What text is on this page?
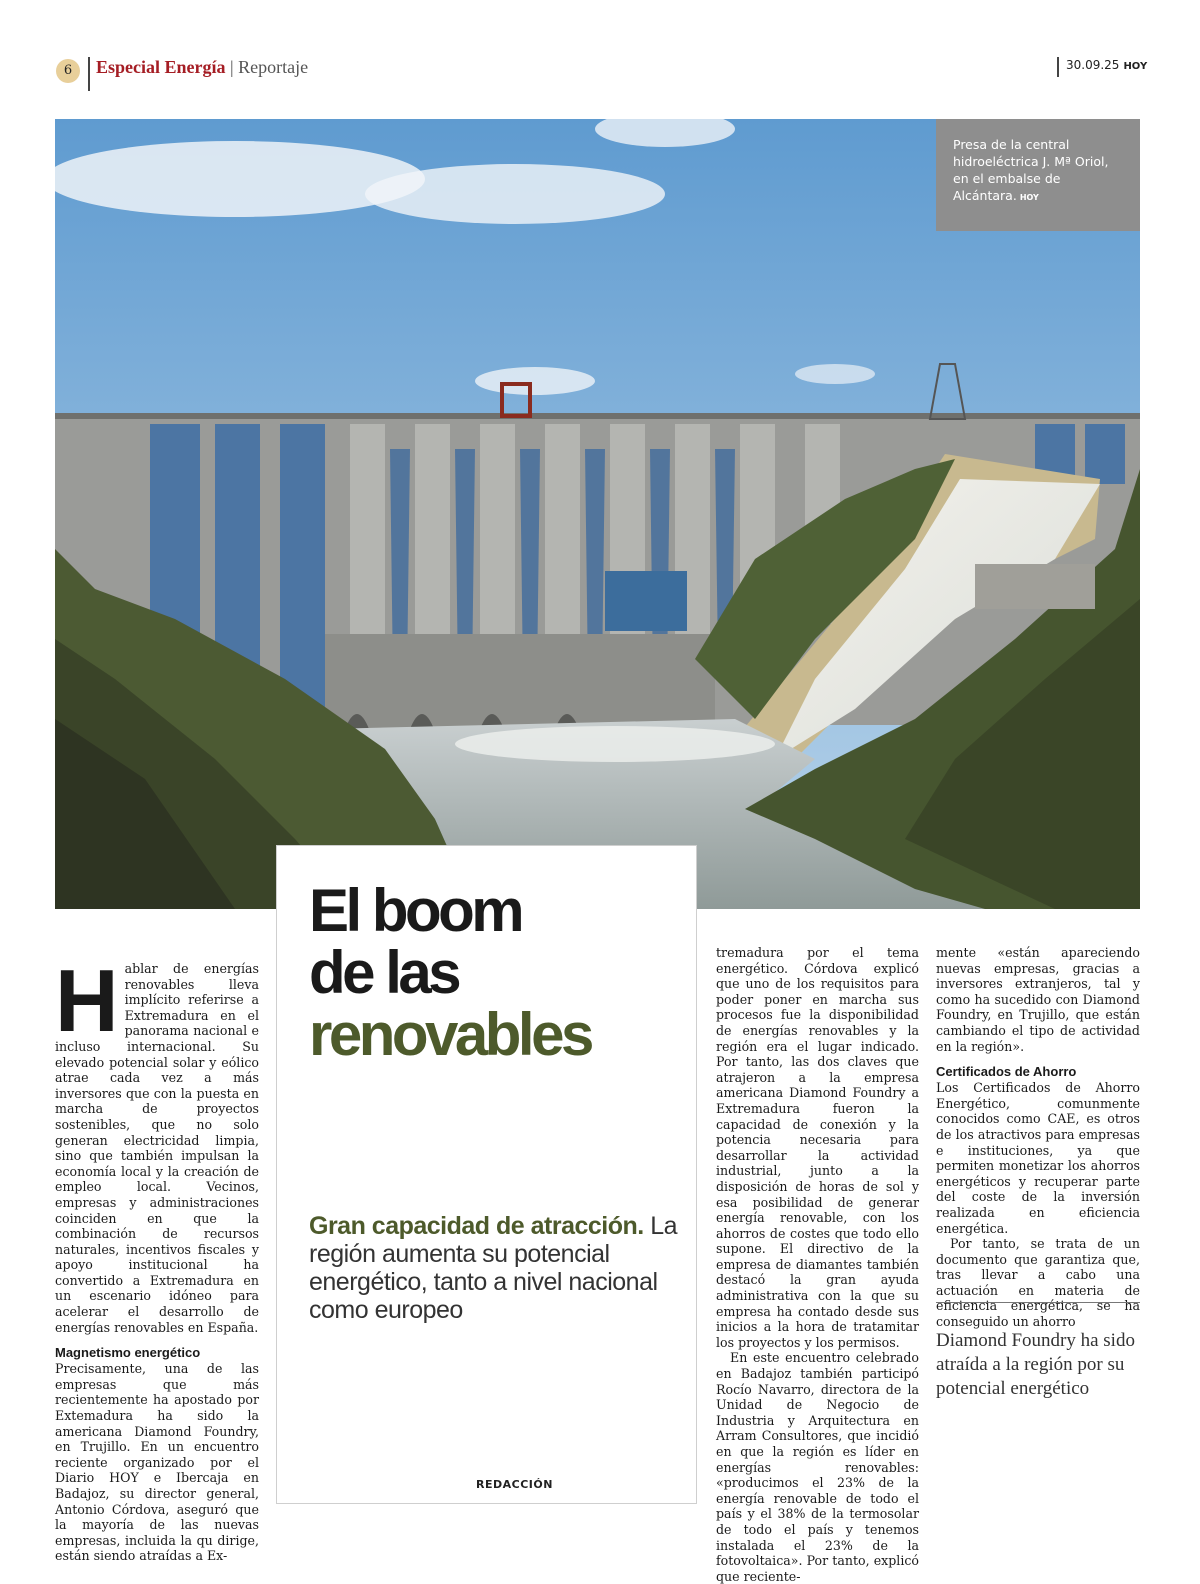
6	Especial Energía | Reportaje	30.09.25 HOY
Presa de la central hidroeléctrica J. Mª Oriol, en el embalse de Alcántara. HOY
El boom
de las
renovables
Gran capacidad de atracción. La región aumenta su potencial energético, tanto a nivel nacional como europeo
REDACCIÓN

Hablar de energías renovables lleva implícito referirse a Extremadura en el panorama nacional e incluso internacional. Su elevado potencial solar y eólico atrae cada vez a más inversores que con la puesta en marcha de proyectos sostenibles, que no solo generan electricidad limpia, sino que también impulsan la economía local y la creación de empleo local. Vecinos, empresas y administraciones coinciden en que la combinación de recursos naturales, incentivos fiscales y apoyo institucional ha convertido a Extremadura en un escenario idóneo para acelerar el desarrollo de energías renovables en España.

Magnetismo energético

Precisamente, una de las empresas que más recientemente ha apostado por Extemadura ha sido la americana Diamond Foundry, en Trujillo. En un encuentro reciente organizado por el Diario HOY e Ibercaja en Badajoz, su director general, Antonio Córdova, aseguró que la mayoría de las nuevas empresas, incluida la qu dirige, están siendo atraídas a Ex-

tremadura por el tema energético. Córdova explicó que uno de los requisitos para poder poner en marcha sus procesos fue la disponibilidad de energías renovables y la región era el lugar indicado. Por tanto, las dos claves que atrajeron a la empresa americana Diamond Foundry a Extremadura fueron la capacidad de conexión y la potencia necesaria para desarrollar la actividad industrial, junto a la disposición de horas de sol y esa posibilidad de generar energía renovable, con los ahorros de costes que todo ello supone. El directivo de la empresa de diamantes también destacó la gran ayuda administrativa con la que su empresa ha contado desde sus inicios a la hora de tratamitar los proyectos y los permisos.

En este encuentro celebrado en Badajoz también participó Rocío Navarro, directora de la Unidad de Negocio de Industria y Arquitectura en Arram Consultores, que incidió en que la región es líder en energías renovables: «producimos el 23% de la energía renovable de todo el país y el 38% de la termosolar de todo el país y tenemos instalada el 23% de la fotovoltaica». Por tanto, explicó que reciente-

mente «están apareciendo nuevas empresas, gracias a inversores extranjeros, tal y como ha sucedido con Diamond Foundry, en Trujillo, que están cambiando el tipo de actividad en la región».

Certificados de Ahorro

Los Certificados de Ahorro Energético, comunmente conocidos como CAE, es otros de los atractivos para empresas e instituciones, ya que permiten monetizar los ahorros energéticos y recuperar parte del coste de la inversión realizada en eficiencia energética.

Por tanto, se trata de un documento que garantiza que, tras llevar a cabo una actuación en materia de eficiencia energética, se ha conseguido un ahorro

Diamond Foundry ha sido atraída a la región por su potencial energético
